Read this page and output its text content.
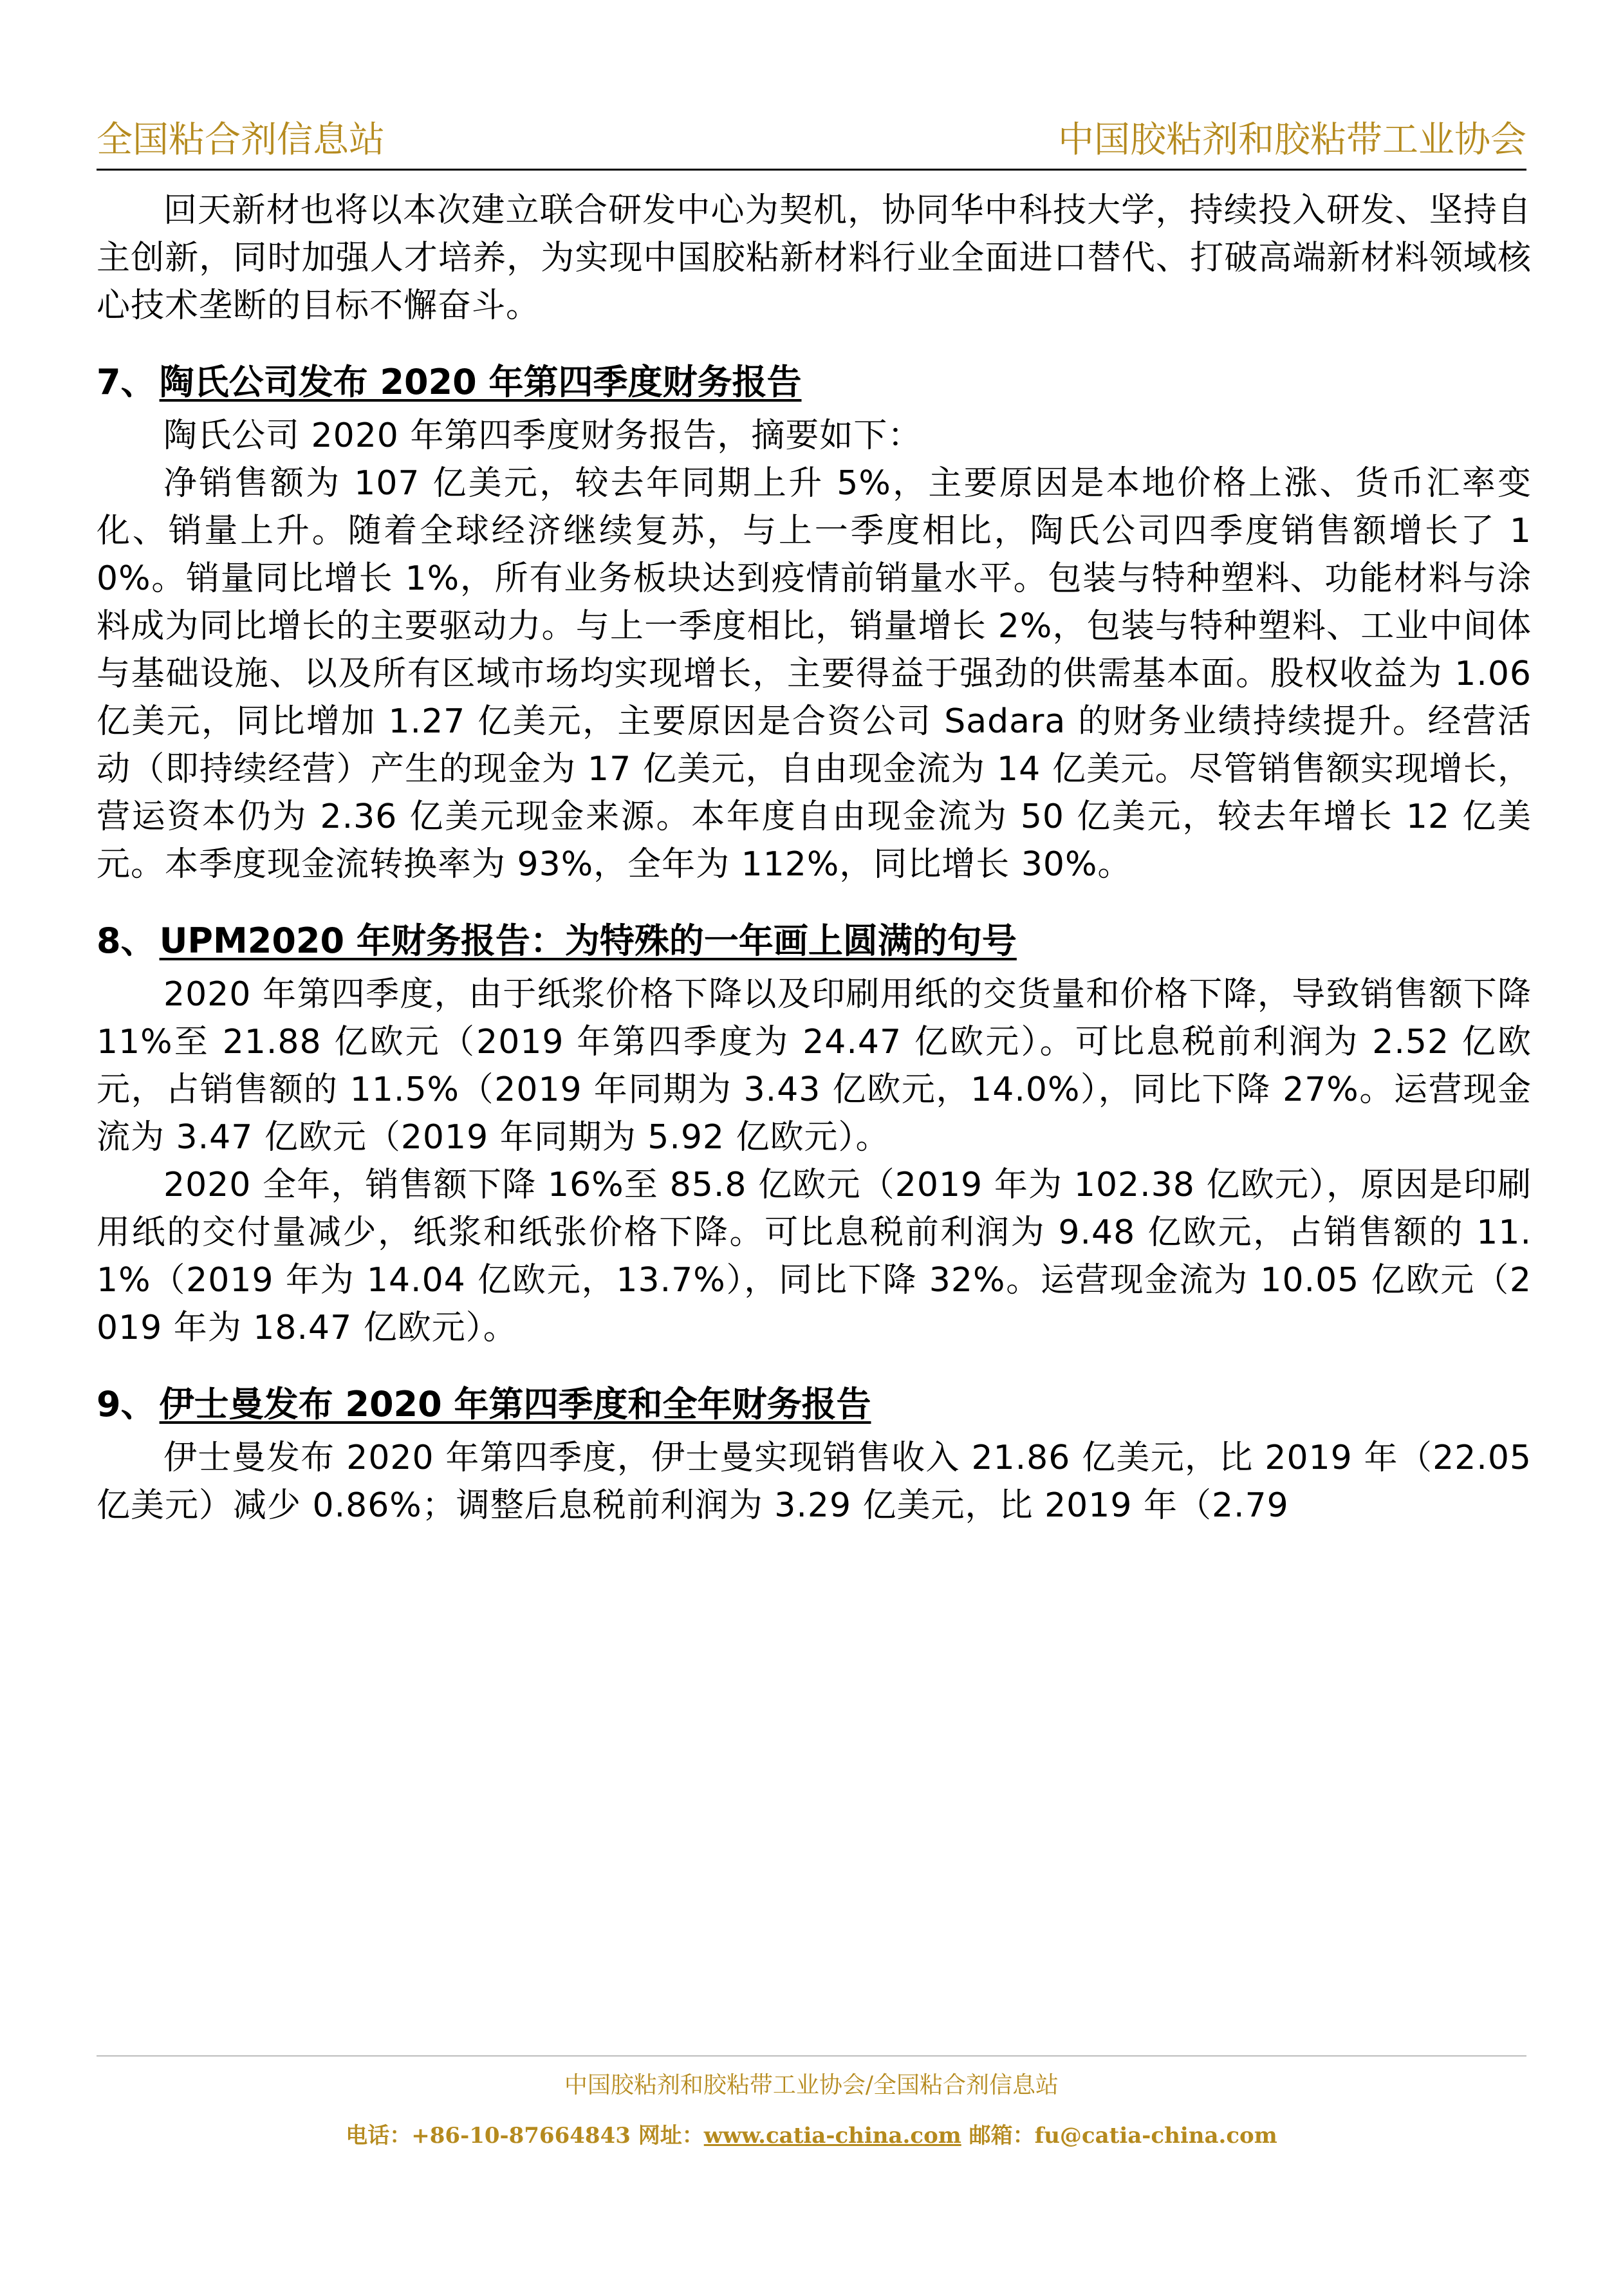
全国粘合剂信息站	中国胶粘剂和胶粘带工业协会

回天新材也将以本次建立联合研发中心为契机，协同华中科技大学，持续投入研发、坚持自主创新，同时加强人才培养，为实现中国胶粘新材料行业全面进口替代、打破高端新材料领域核心技术垄断的目标不懈奋斗。

7、 陶氏公司发布 2020 年第四季度财务报告

陶氏公司 2020 年第四季度财务报告，摘要如下：

净销售额为 107 亿美元，较去年同期上升 5%，主要原因是本地价格上涨、货币汇率变化、销量上升。随着全球经济继续复苏，与上一季度相比，陶氏公司四季度销售额增长了 10%。销量同比增长 1%，所有业务板块达到疫情前销量水平。包装与特种塑料、功能材料与涂料成为同比增长的主要驱动力。与上一季度相比，销量增长 2%，包装与特种塑料、工业中间体与基础设施、以及所有区域市场均实现增长，主要得益于强劲的供需基本面。股权收益为 1.06 亿美元，同比增加 1.27 亿美元，主要原因是合资公司 Sadara 的财务业绩持续提升。经营活动（即持续经营）产生的现金为 17 亿美元，自由现金流为 14 亿美元。尽管销售额实现增长，营运资本仍为 2.36 亿美元现金来源。本年度自由现金流为 50 亿美元，较去年增长 12 亿美元。本季度现金流转换率为 93%，全年为 112%，同比增长 30%。

8、 UPM2020 年财务报告：为特殊的一年画上圆满的句号

2020 年第四季度，由于纸浆价格下降以及印刷用纸的交货量和价格下降，导致销售额下降 11%至 21.88 亿欧元（2019 年第四季度为 24.47 亿欧元）。可比息税前利润为 2.52 亿欧元，占销售额的 11.5%（2019 年同期为 3.43 亿欧元，14.0%），同比下降 27%。运营现金流为 3.47 亿欧元（2019 年同期为 5.92 亿欧元）。

2020 全年，销售额下降 16%至 85.8 亿欧元（2019 年为 102.38 亿欧元），原因是印刷用纸的交付量减少，纸浆和纸张价格下降。可比息税前利润为 9.48 亿欧元，占销售额的 11.1%（2019 年为 14.04 亿欧元，13.7%），同比下降 32%。运营现金流为 10.05 亿欧元（2019 年为 18.47 亿欧元）。

9、 伊士曼发布 2020 年第四季度和全年财务报告

伊士曼发布 2020 年第四季度，伊士曼实现销售收入 21.86 亿美元，比 2019 年（22.05 亿美元）减少 0.86%；调整后息税前利润为 3.29 亿美元，比 2019 年（2.79

中国胶粘剂和胶粘带工业协会/全国粘合剂信息站
电话：+86-10-87664843 网址：www.catia-china.com 邮箱：fu@catia-china.com
